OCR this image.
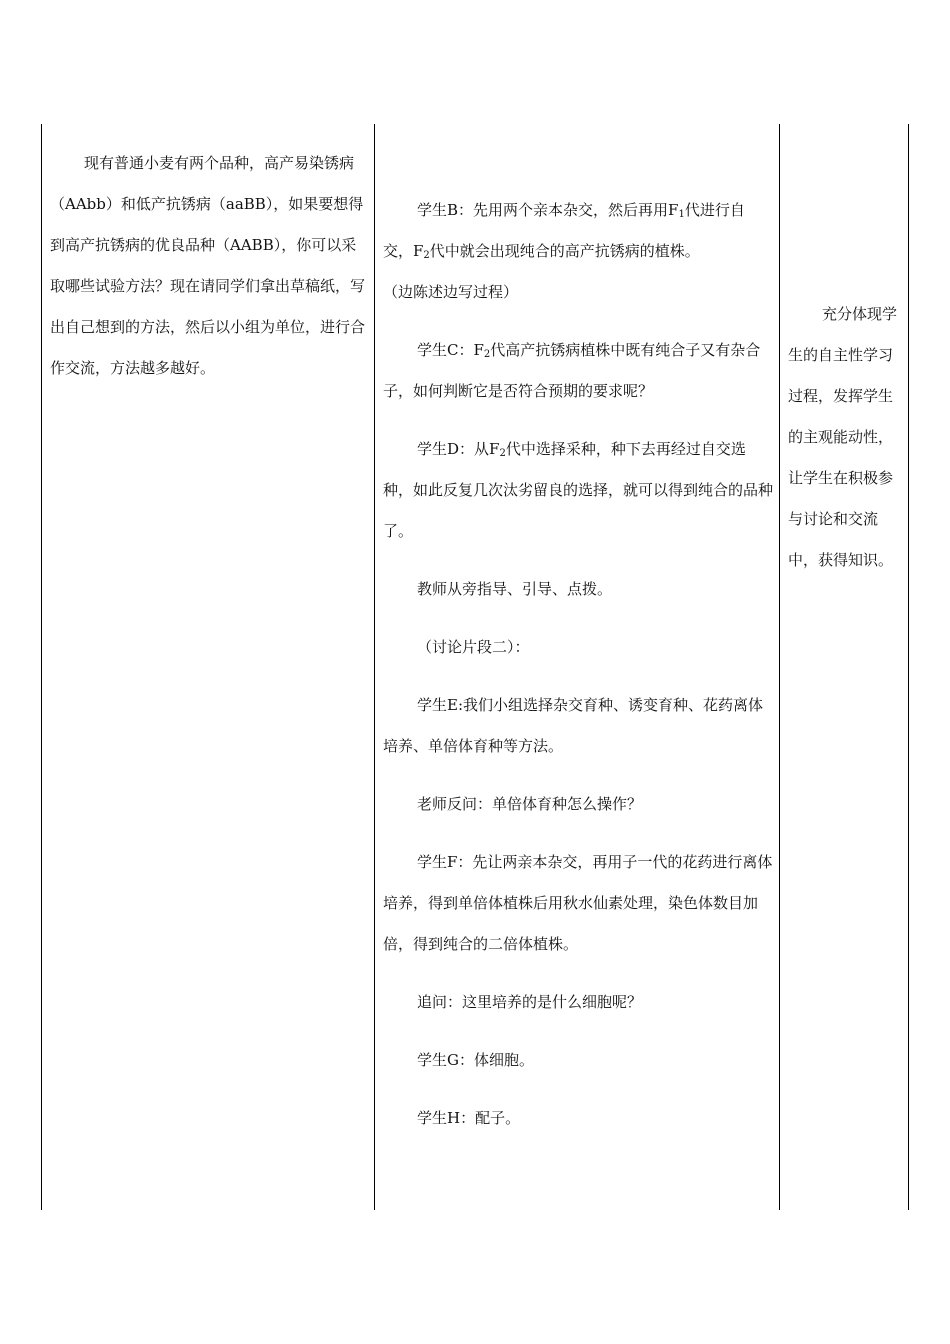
现有普通小麦有两个品种，高产易染锈病（AAbb）和低产抗锈病（aaBB），如果要想得到高产抗锈病的优良品种（AABB），你可以采取哪些试验方法？现在请同学们拿出草稿纸，写出自己想到的方法，然后以小组为单位，进行合作交流，方法越多越好。

学生B：先用两个亲本杂交，然后再用$F_1$代进行自交，$F_2$代中就会出现纯合的高产抗锈病的植株。
（边陈述边写过程）

学生C：$F_2$代高产抗锈病植株中既有纯合子又有杂合子，如何判断它是否符合预期的要求呢？

学生D：从$F_2$代中选择采种，种下去再经过自交选种，如此反复几次汰劣留良的选择，就可以得到纯合的品种了。

教师从旁指导、引导、点拨。

（讨论片段二）：

学生E:我们小组选择杂交育种、诱变育种、花药离体培养、单倍体育种等方法。

老师反问：单倍体育种怎么操作？

学生F：先让两亲本杂交，再用子一代的花药进行离体培养，得到单倍体植株后用秋水仙素处理，染色体数目加倍，得到纯合的二倍体植株。

追问：这里培养的是什么细胞呢？

学生G：体细胞。

学生H：配子。

充分体现学生的自主性学习过程，发挥学生的主观能动性，让学生在积极参与讨论和交流中，获得知识。
